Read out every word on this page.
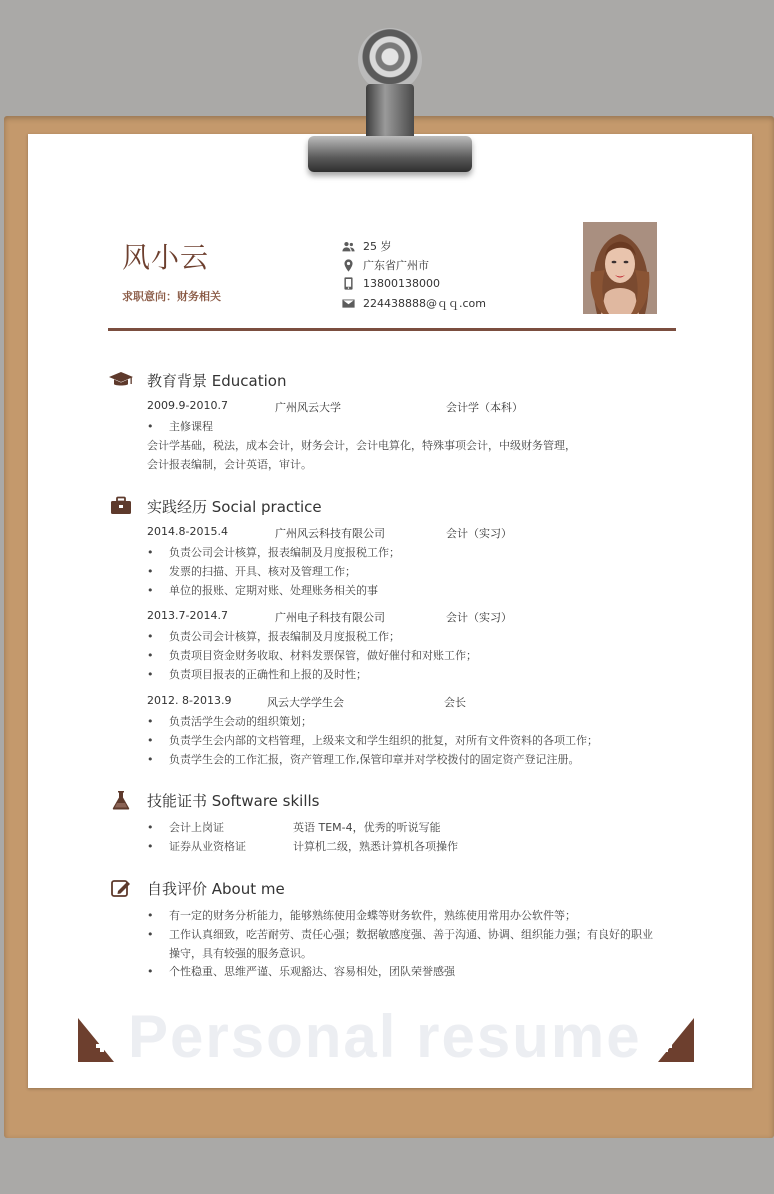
风小云
求职意向：财务相关
25 岁
广东省广州市
13800138000
224438888@ｑｑ.com
教育背景 Education
2009.9-2010.7	广州风云大学	会计学（本科）
• 主修课程
会计学基础，税法，成本会计，财务会计，会计电算化，特殊事项会计，中级财务管理，
会计报表编制，会计英语，审计。
实践经历 Social practice
2014.8-2015.4	广州风云科技有限公司	会计（实习）
• 负责公司会计核算，报表编制及月度报税工作；
• 发票的扫描、开具、核对及管理工作；
• 单位的报账、定期对账、处理账务相关的事
2013.7-2014.7	广州电子科技有限公司	会计（实习）
• 负责公司会计核算，报表编制及月度报税工作；
• 负责项目资金财务收取、材料发票保管，做好催付和对账工作；
• 负责项目报表的正确性和上报的及时性；
2012. 8-2013.9	风云大学学生会	会长
• 负责活学生会动的组织策划；
• 负责学生会内部的文档管理，上级来文和学生组织的批复，对所有文件资料的各项工作；
• 负责学生会的工作汇报，资产管理工作,保管印章并对学校拨付的固定资产登记注册。
技能证书 Software skills
• 会计上岗证	英语 TEM-4，优秀的听说写能
• 证券从业资格证	计算机二级，熟悉计算机各项操作
自我评价 About me
• 有一定的财务分析能力，能够熟练使用金蝶等财务软件，熟练使用常用办公软件等；
• 工作认真细致，吃苦耐劳、责任心强；数据敏感度强、善于沟通、协调、组织能力强；有良好的职业
操守，具有较强的服务意识。
• 个性稳重、思维严谨、乐观豁达、容易相处，团队荣誉感强
Personal resume
